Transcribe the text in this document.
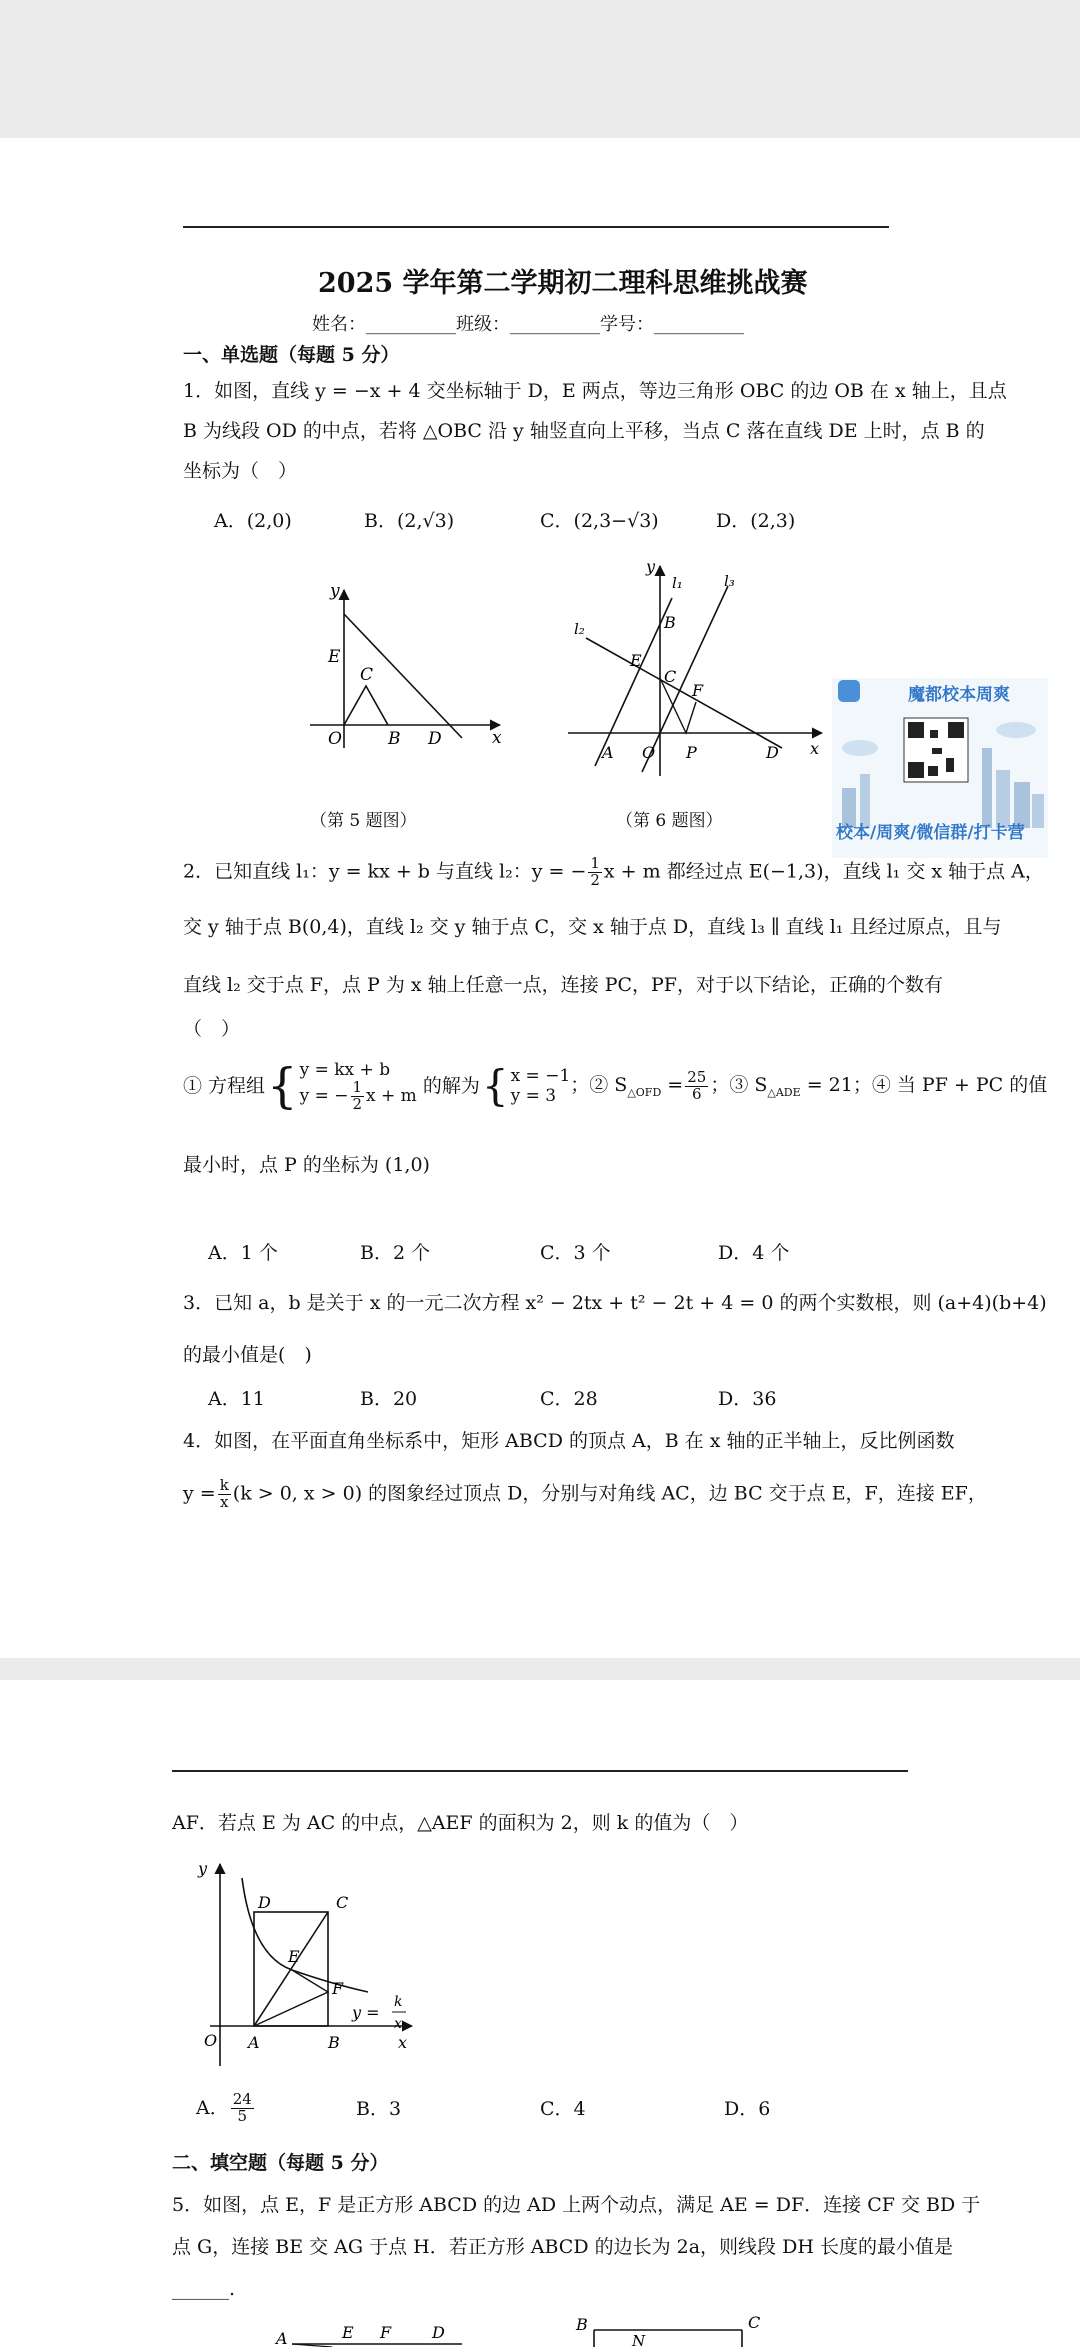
2025 学年第二学期初二理科思维挑战赛
姓名：__________班级：__________学号：__________
一、单选题（每题 5 分）
1．如图，直线 y = −x + 4 交坐标轴于 D，E 两点，等边三角形 OBC 的边 OB 在 x 轴上，且点
B 为线段 OD 的中点，若将 △OBC 沿 y 轴竖直向上平移，当点 C 落在直线 DE 上时，点 B 的
坐标为（　）
A．(2,0)	B．(2,√3)	C．(2,3−√3)	D．(2,3)
y
x
E
C
O	B D
（第 5 题图）
y
x
l₁
l₂
l₃
B
E
C
F
A O P	D
（第 6 题图）
魔都校本周爽
校本/周爽/微信群/打卡营
2．已知直线 l₁：y = kx + b 与直线 l₂：y = − $\frac{1}{2}$ x + m 都经过点 E(−1,3)，直线 l₁ 交 x 轴于点 A，
交 y 轴于点 B(0,4)，直线 l₂ 交 y 轴于点 C，交 x 轴于点 D，直线 l₃ ∥ 直线 l₁ 且经过原点，且与
直线 l₂ 交于点 F，点 P 为 x 轴上任意一点，连接 PC，PF，对于以下结论，正确的个数有
（　）
① 方程组 { y = kx + b
y = − $\frac{1}{2}$ x + m 的解为 { x = −1
y = 3
；② $S_{\triangle OFD} = \frac{25}{6}$ ；③ $S_{\triangle ADE} = 21$；④ 当 PF + PC 的值
最小时，点 P 的坐标为 (1,0)
A．1 个	B．2 个	C．3 个	D．4 个
3．已知 a，b 是关于 x 的一元二次方程 x² − 2tx + t² − 2t + 4 = 0 的两个实数根，则 (a+4)(b+4)
的最小值是(　)
A．11	B．20	C．28	D．36
4．如图，在平面直角坐标系中，矩形 ABCD 的顶点 A，B 在 x 轴的正半轴上，反比例函数
$y = \frac{k}{x} (k > 0$, x > 0) 的图象经过顶点 D，分别与对角线 AC，边 BC 交于点 E，F，连接 EF，
AF．若点 E 为 AC 的中点，△AEF 的面积为 2，则 k 的值为（　）
y
x
O A	B
C
D
E
F
y =
k
x
A． $\frac{24}{5}$	B．3	C．4	D．6
二、填空题（每题 5 分）
5．如图，点 E，F 是正方形 ABCD 的边 AD 上两个动点，满足 AE = DF．连接 CF 交 BD 于
点 G，连接 BE 交 AG 于点 H．若正方形 ABCD 的边长为 2a，则线段 DH 长度的最小值是
______.
A	E F	D	B
N
C
